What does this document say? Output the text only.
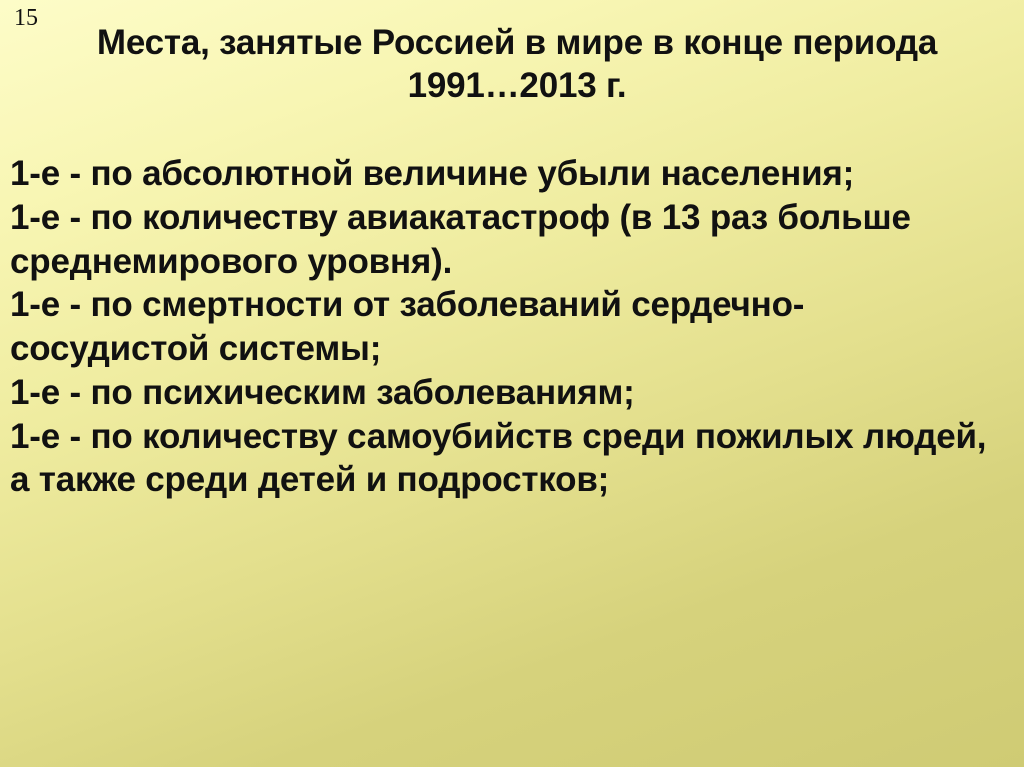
15
Места, занятые Россией в мире в конце периода 1991…2013 г.

1-е - по абсолютной величине убыли населения;

1-е - по количеству авиакатастроф (в 13 раз больше среднемирового уровня).

1-е - по смертности от заболеваний сердечно-сосудистой системы;

1-е - по психическим заболеваниям;

1-е - по количеству самоубийств среди пожилых людей, а также среди детей и подростков;
